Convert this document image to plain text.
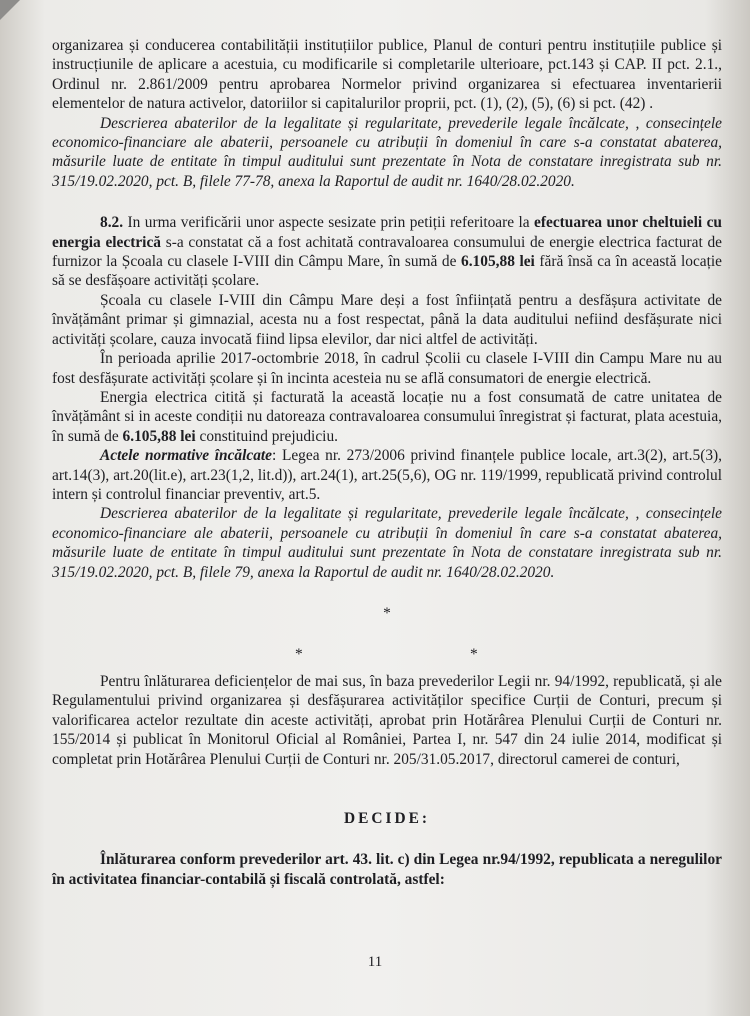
organizarea și conducerea contabilității instituțiilor publice, Planul de conturi pentru instituțiile publice și instrucțiunile de aplicare a acestuia, cu modificarile si completarile ulterioare, pct.143 și CAP. II pct. 2.1., Ordinul nr. 2.861/2009 pentru aprobarea Normelor privind organizarea si efectuarea inventarierii elementelor de natura activelor, datoriilor si capitalurilor proprii, pct. (1), (2), (5), (6) si pct. (42) .

Descrierea abaterilor de la legalitate și regularitate, prevederile legale încălcate, , consecințele economico-financiare ale abaterii, persoanele cu atribuții în domeniul în care s-a constatat abaterea, măsurile luate de entitate în timpul auditului sunt prezentate în Nota de constatare inregistrata sub nr. 315/19.02.2020, pct. B, filele 77-78, anexa la Raportul de audit nr. 1640/28.02.2020.

8.2. In urma verificării unor aspecte sesizate prin petiții referitoare la efectuarea unor cheltuieli cu energia electrică s-a constatat că a fost achitată contravaloarea consumului de energie electrica facturat de furnizor la Școala cu clasele I-VIII din Câmpu Mare, în sumă de 6.105,88 lei fără însă ca în această locație să se desfășoare activități școlare.

Școala cu clasele I-VIII din Câmpu Mare deși a fost înființată pentru a desfășura activitate de învățământ primar și gimnazial, acesta nu a fost respectat, până la data auditului nefiind desfășurate nici activități școlare, cauza invocată fiind lipsa elevilor, dar nici altfel de activități.

În perioada aprilie 2017-octombrie 2018, în cadrul Școlii cu clasele I-VIII din Campu Mare nu au fost desfășurate activități școlare și în incinta acesteia nu se află consumatori de energie electrică.

Energia electrica citită și facturată la această locație nu a fost consumată de catre unitatea de învățământ si in aceste condiții nu datoreaza contravaloarea consumului înregistrat și facturat, plata acestuia, în sumă de 6.105,88 lei constituind prejudiciu.

Actele normative încălcate: Legea nr. 273/2006 privind finanțele publice locale, art.3(2), art.5(3), art.14(3), art.20(lit.e), art.23(1,2, lit.d)), art.24(1), art.25(5,6), OG nr. 119/1999, republicată privind controlul intern și controlul financiar preventiv, art.5.

Descrierea abaterilor de la legalitate și regularitate, prevederile legale încălcate, , consecințele economico-financiare ale abaterii, persoanele cu atribuții în domeniul în care s-a constatat abaterea, măsurile luate de entitate în timpul auditului sunt prezentate în Nota de constatare inregistrata sub nr. 315/19.02.2020, pct. B, filele 79, anexa la Raportul de audit nr. 1640/28.02.2020.

*
*	*

Pentru înlăturarea deficiențelor de mai sus, în baza prevederilor Legii nr. 94/1992, republicată, și ale Regulamentului privind organizarea și desfășurarea activităților specifice Curții de Conturi, precum și valorificarea actelor rezultate din aceste activități, aprobat prin Hotărârea Plenului Curții de Conturi nr. 155/2014 și publicat în Monitorul Oficial al României, Partea I, nr. 547 din 24 iulie 2014, modificat și completat prin Hotărârea Plenului Curții de Conturi nr. 205/31.05.2017, directorul camerei de conturi,

DECIDE:

Înlăturarea conform prevederilor art. 43. lit. c) din Legea nr.94/1992, republicata a neregulilor în activitatea financiar-contabilă și fiscală controlată, astfel:

11
